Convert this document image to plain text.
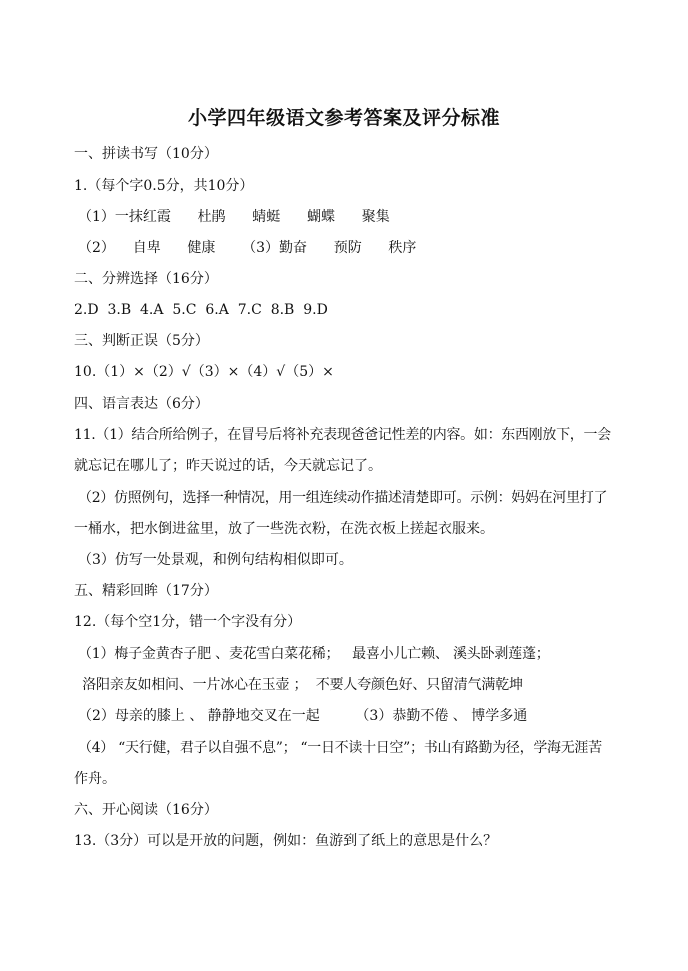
小学四年级语文参考答案及评分标准
一、拼读书写（10分）
1.（每个字0.5分，共10分）
（1）一抹红霞      杜鹃      蜻蜓      蝴蝶      聚集
（2）    自卑      健康      （3）勤奋      预防      秩序
二、分辨选择（16分）
2.D  3.B  4.A  5.C  6.A  7.C  8.B  9.D
三、判断正误（5分）
10.（1）×（2）√（3）×（4）√（5）×
四、语言表达（6分）
11.（1）结合所给例子，在冒号后将补充表现爸爸记性差的内容。如：东西刚放下，一会
就忘记在哪儿了；昨天说过的话，今天就忘记了。
（2）仿照例句，选择一种情况，用一组连续动作描述清楚即可。示例：妈妈在河里打了
一桶水，把水倒进盆里，放了一些洗衣粉，在洗衣板上搓起衣服来。
（3）仿写一处景观，和例句结构相似即可。
五、精彩回眸（17分）
12.（每个空1分，错一个字没有分）
（1）梅子金黄杏子肥 、麦花雪白菜花稀；   最喜小儿亡赖、 溪头卧剥莲蓬；
洛阳亲友如相问、一片冰心在玉壶 ；  不要人夸颜色好、只留清气满乾坤
（2）母亲的膝上 、 静静地交叉在一起        （3）恭勤不倦 、 博学多通
（4） “天行健，君子以自强不息”； “一日不读十日空”；书山有路勤为径，学海无涯苦
作舟。
六、开心阅读（16分）
13.（3分）可以是开放的问题，例如：鱼游到了纸上的意思是什么？
